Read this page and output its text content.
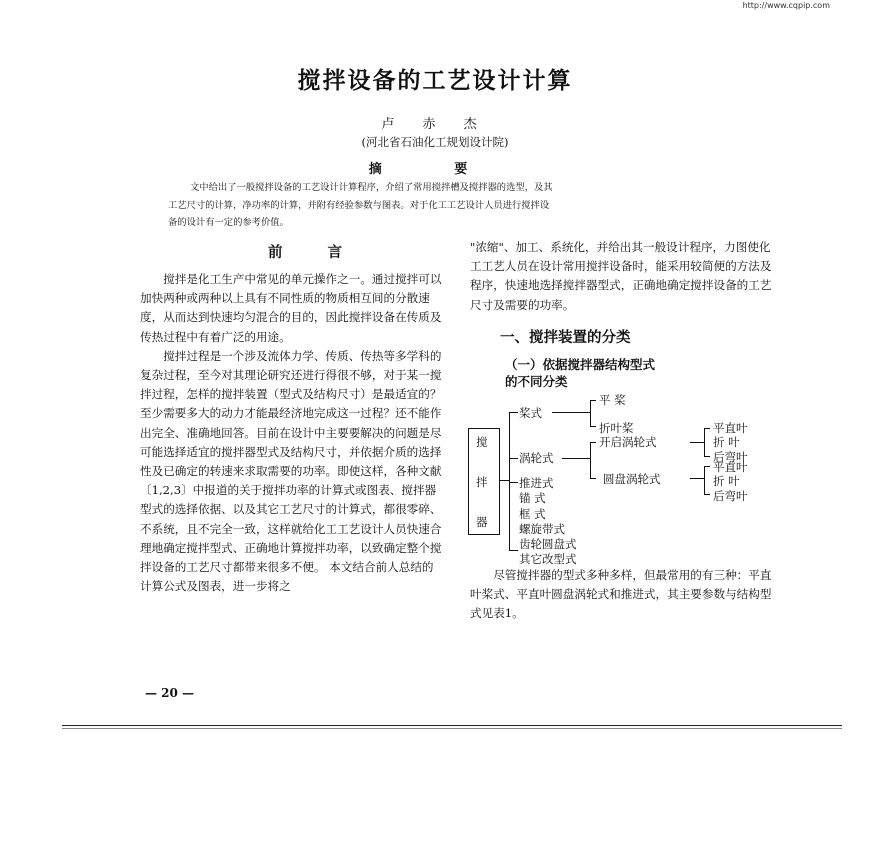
http://www.cqpip.com
搅拌设备的工艺设计计算
卢 赤 杰
(河北省石油化工规划设计院)
摘 要

文中给出了一般搅拌设备的工艺设计计算程序，介绍了常用搅拌槽及搅拌器的选型，及其

工艺尺寸的计算，净功率的计算，并附有经验参数与图表。对于化工工艺设计人员进行搅拌设

备的设计有一定的参考价值。

前 言

搅拌是化工生产中常见的单元操作之一。通过搅拌可以加快两种或两种以上具有不同性质的物质相互间的分散速度，从而达到快速均匀混合的目的，因此搅拌设备在传质及传热过程中有着广泛的用途。

搅拌过程是一个涉及流体力学、传质、传热等多学科的复杂过程，至今对其理论研究还进行得很不够，对于某一搅拌过程，怎样的搅拌装置（型式及结构尺寸）是最适宜的？至少需要多大的动力才能最经济地完成这一过程？还不能作出完全、准确地回答。目前在设计中主要要解决的问题是尽可能选择适宜的搅拌器型式及结构尺寸，并依据介质的选择性及已确定的转速来求取需要的功率。即使这样，各种文献〔1,2,3〕中报道的关于搅拌功率的计算式或图表、搅拌器型式的选择依据、以及其它工艺尺寸的计算式，都很零碎、不系统，且不完全一致，这样就给化工工艺设计人员快速合理地确定搅拌型式、正确地计算搅拌功率，以致确定整个搅拌设备的工艺尺寸都带来很多不便。 本文结合前人总结的计算公式及图表，进一步将之

"浓缩"、加工、系统化，并给出其一般设计程序，力图使化工工艺人员在设计常用搅拌设备时，能采用较简便的方法及程序，快速地选择搅拌器型式，正确地确定搅拌设备的工艺尺寸及需要的功率。

一、搅拌装置的分类
（一）依据搅拌器结构型式
的不同分类
搅
拌
器
桨式
涡轮式
推进式
锚 式
框 式
螺旋带式
齿轮圆盘式
其它改型式
平 桨
折叶桨
开启涡轮式
圆盘涡轮式
平直叶
折 叶
后弯叶
平直叶
折 叶
后弯叶

尽管搅拌器的型式多种多样，但最常用的有三种：平直叶桨式、平直叶圆盘涡轮式和推进式，其主要参数与结构型式见表1。

— 20 —
